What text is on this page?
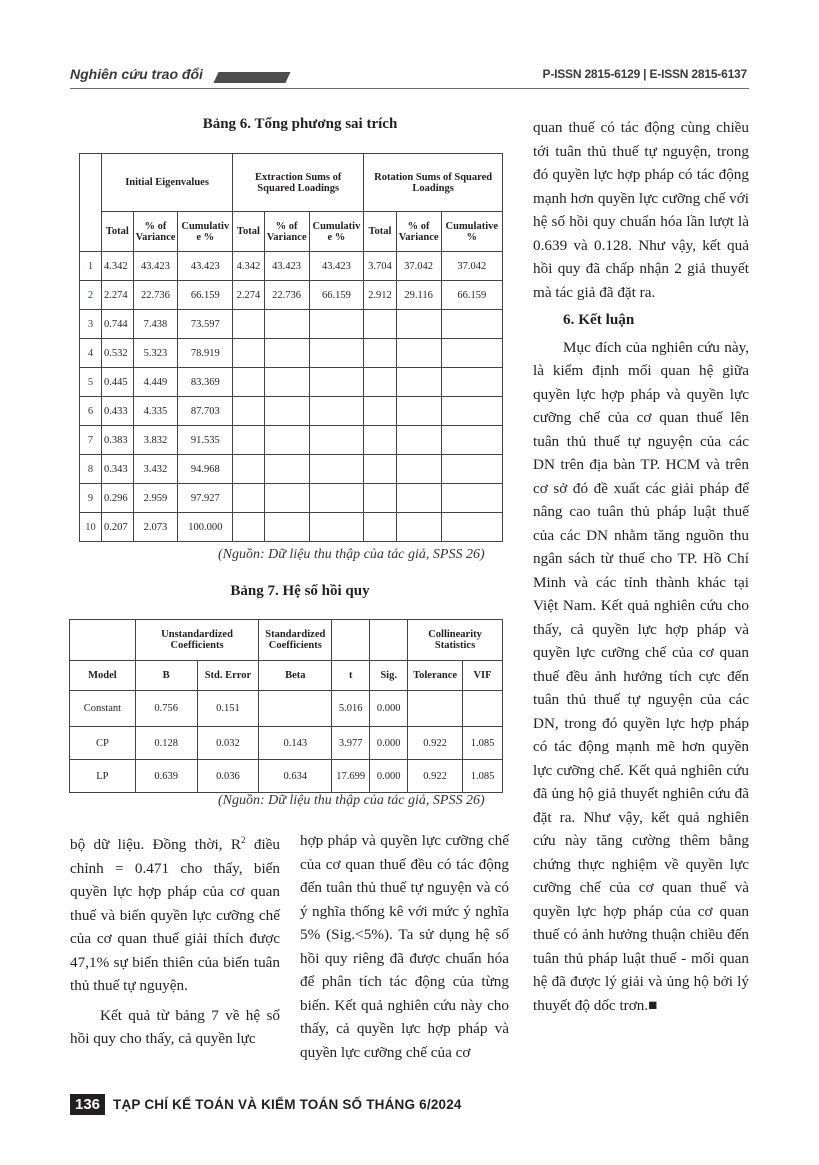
Nghiên cứu trao đổi	P-ISSN 2815-6129 | E-ISSN 2815-6137
Bảng 6. Tổng phương sai trích
	Initial Eigenvalues			Extraction Sums of Squared Loadings			Rotation Sums of Squared Loadings		
	Total	% of Variance	Cumulativ e %	Total	% of Variance	Cumulativ e %	Total	% of Variance	Cumulative %
1	4.342	43.423	43.423	4.342	43.423	43.423	3.704	37.042	37.042
2	2.274	22.736	66.159	2.274	22.736	66.159	2.912	29.116	66.159
3	0.744	7.438	73.597						
4	0.532	5.323	78.919						
5	0.445	4.449	83.369						
6	0.433	4.335	87.703						
7	0.383	3.832	91.535						
8	0.343	3.432	94.968						
9	0.296	2.959	97.927						
10	0.207	2.073	100.000						
(Nguồn: Dữ liệu thu thập của tác giả, SPSS 26)
Bảng 7. Hệ số hồi quy
	Unstandardized Coefficients		Standardized Coefficients			Collinearity Statistics	
Model	B	Std. Error	Beta	t	Sig.	Tolerance	VIF
Constant	0.756	0.151		5.016	0.000		
CP	0.128	0.032	0.143	3.977	0.000	0.922	1.085
LP	0.639	0.036	0.634	17.699	0.000	0.922	1.085
(Nguồn: Dữ liệu thu thập của tác giả, SPSS 26)

bộ dữ liệu. Đồng thời, $R^2$ điều chỉnh = 0.471 cho thấy, biến quyền lực hợp pháp của cơ quan thuế và biến quyền lực cưỡng chế của cơ quan thuế giải thích được 47,1% sự biến thiên của biến tuân thủ thuế tự nguyện.

Kết quả từ bảng 7 về hệ số hồi quy cho thấy, cả quyền lực

hợp pháp và quyền lực cưỡng chế của cơ quan thuế đều có tác động đến tuân thủ thuế tự nguyện và có ý nghĩa thống kê với mức ý nghĩa 5% (Sig.<5%). Ta sử dụng hệ số hồi quy riêng đã được chuẩn hóa để phân tích tác động của từng biến. Kết quả nghiên cứu này cho thấy, cả quyền lực hợp pháp và quyền lực cưỡng chế của cơ

quan thuế có tác động cùng chiều tới tuân thủ thuế tự nguyện, trong đó quyền lực hợp pháp có tác động mạnh hơn quyền lực cưỡng chế với hệ số hồi quy chuẩn hóa lần lượt là 0.639 và 0.128. Như vậy, kết quả hồi quy đã chấp nhận 2 giả thuyết mà tác giả đã đặt ra.

6. Kết luận

Mục đích của nghiên cứu này, là kiểm định mối quan hệ giữa quyền lực hợp pháp và quyền lực cưỡng chế của cơ quan thuế lên tuân thủ thuế tự nguyện của các DN trên địa bàn TP. HCM và trên cơ sở đó đề xuất các giải pháp để nâng cao tuân thủ pháp luật thuế của các DN nhằm tăng nguồn thu ngân sách từ thuế cho TP. Hồ Chí Minh và các tỉnh thành khác tại Việt Nam. Kết quả nghiên cứu cho thấy, cả quyền lực hợp pháp và quyền lực cưỡng chế của cơ quan thuế đều ảnh hưởng tích cực đến tuân thủ thuế tự nguyện của các DN, trong đó quyền lực hợp pháp có tác động mạnh mẽ hơn quyền lực cưỡng chế. Kết quả nghiên cứu đã ủng hộ giả thuyết nghiên cứu đã đặt ra. Như vậy, kết quả nghiên cứu này tăng cường thêm bằng chứng thực nghiệm về quyền lực cưỡng chế của cơ quan thuế và quyền lực hợp pháp của cơ quan thuế có ảnh hưởng thuận chiều đến tuân thủ pháp luật thuế - mối quan hệ đã được lý giải và ủng hộ bởi lý thuyết độ dốc trơn.■

136 TẠP CHÍ KẾ TOÁN VÀ KIỂM TOÁN SỐ THÁNG 6/2024
